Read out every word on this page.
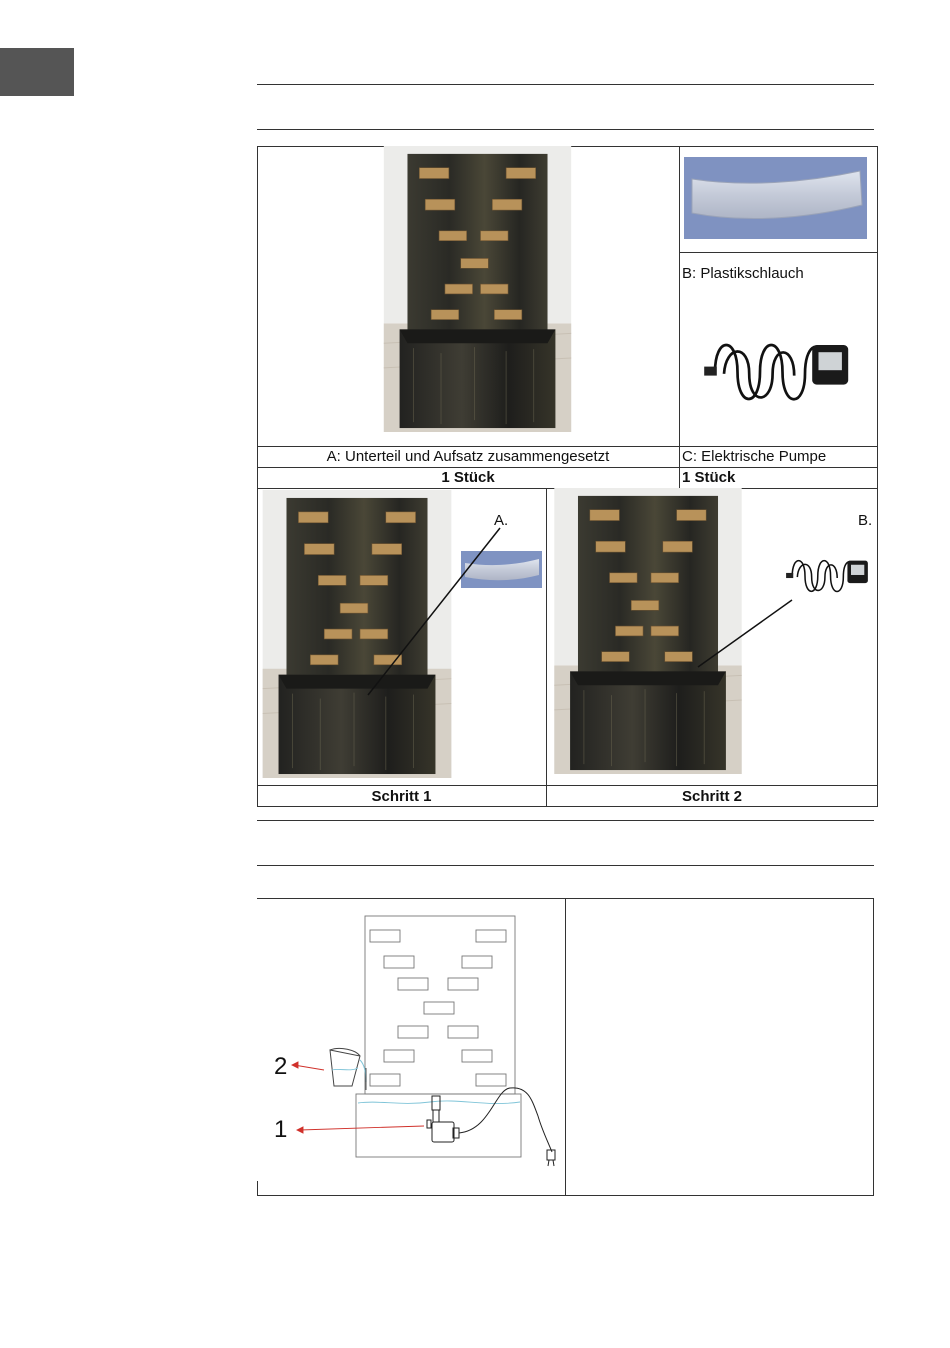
B: Plastikschlauch
A: Unterteil und Aufsatz zusammengesetzt	C: Elektrische Pumpe
1 Stück	1 Stück
A.
Schritt 1
B.
Schritt 2
2
1
